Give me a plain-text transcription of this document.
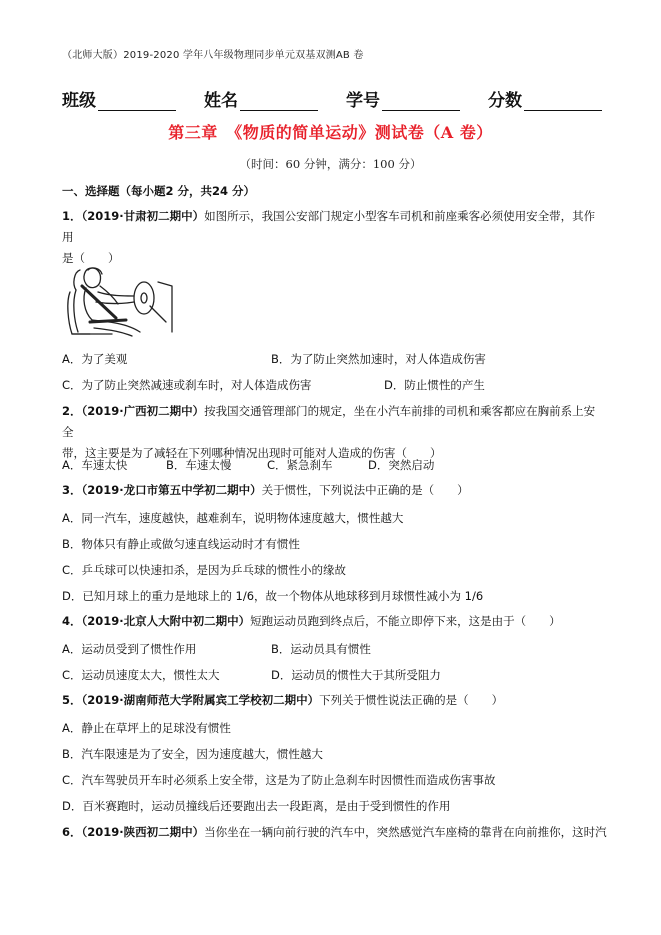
（北师大版）2019-2020 学年八年级物理同步单元双基双测AB 卷
班级	姓名	学号	分数
第三章　《物质的简单运动》测试卷（A 卷）
（时间：60 分钟，满分：100 分）
一、选择题（每小题2 分，共24 分）
1．（2019·甘肃初二期中）如图所示，我国公安部门规定小型客车司机和前座乘客必须使用安全带，其作用
是（　　）
A．为了美观	B．为了防止突然加速时，对人体造成伤害
C．为了防止突然减速或刹车时，对人体造成伤害	D．防止惯性的产生
2．（2019·广西初二期中）按我国交通管理部门的规定，坐在小汽车前排的司机和乘客都应在胸前系上安全
带，这主要是为了减轻在下列哪种情况出现时可能对人造成的伤害（　　）
A．车速太快	B．车速太慢	C．紧急刹车	D．突然启动
3．（2019·龙口市第五中学初二期中）关于惯性，下列说法中正确的是（　　）
A．同一汽车，速度越快，越难刹车，说明物体速度越大，惯性越大
B．物体只有静止或做匀速直线运动时才有惯性
C．乒乓球可以快速扣杀，是因为乒乓球的惯性小的缘故
D．已知月球上的重力是地球上的 1/6，故一个物体从地球移到月球惯性减小为 1/6
4．（2019·北京人大附中初二期中）短跑运动员跑到终点后，不能立即停下来，这是由于（　　）
A．运动员受到了惯性作用	B．运动员具有惯性
C．运动员速度太大，惯性太大	D．运动员的惯性大于其所受阻力
5．（2019·湖南师范大学附属宾工学校初二期中）下列关于惯性说法正确的是（　　）
A．静止在草坪上的足球没有惯性
B．汽车限速是为了安全，因为速度越大，惯性越大
C．汽车驾驶员开车时必须系上安全带，这是为了防止急刹车时因惯性而造成伤害事故
D．百米赛跑时，运动员撞线后还要跑出去一段距离，是由于受到惯性的作用
6．（2019·陕西初二期中）当你坐在一辆向前行驶的汽车中，突然感觉汽车座椅的靠背在向前推你，这时汽
